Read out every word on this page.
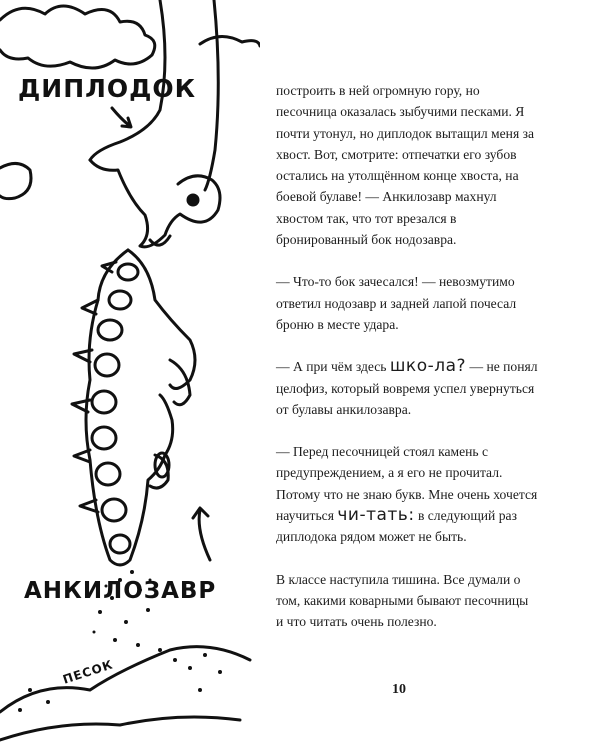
ДИПЛОДОК
АНКИЛОЗАВР
ПЕСОК

построить в ней огромную гору, но песочница оказалась зыбучими песками. Я почти утонул, но диплодок вытащил меня за хвост. Вот, смотрите: отпечатки его зубов остались на утолщённом конце хвоста, на боевой булаве! — Анкилозавр махнул хвостом так, что тот врезался в бронированный бок нодозавра.

— Что-то бок зачесался! — невозмутимо ответил нодозавр и задней лапой почесал броню в месте удара.

— А при чём здесь шко-ла? — не понял целофиз, который вовремя успел увернуться от булавы анкилозавра.

— Перед песочницей стоял камень с предупреждением, а я его не прочитал. Потому что не знаю букв. Мне очень хочется научиться чи-тать: в следующий раз диплодока рядом может не быть.

В классе наступила тишина. Все думали о том, какими коварными бывают песочницы и что читать очень полезно.

10
